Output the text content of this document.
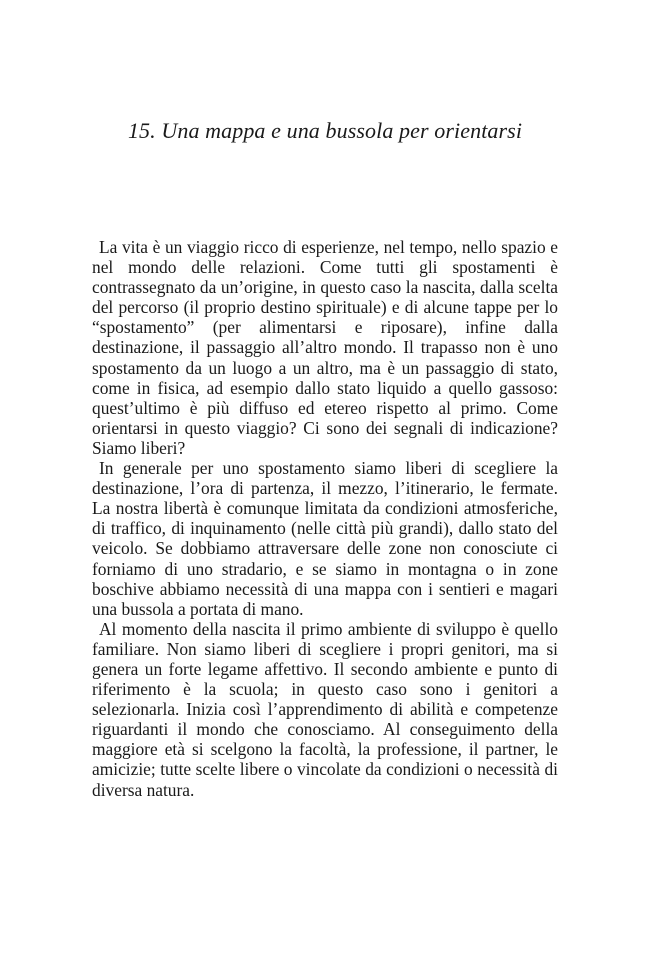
15. Una mappa e una bussola per orientarsi

La vita è un viaggio ricco di esperienze, nel tempo, nello spazio e nel mondo delle relazioni. Come tutti gli spostamenti è contrassegnato da un’origine, in questo caso la nascita, dalla scelta del percorso (il proprio destino spirituale) e di alcune tappe per lo “spostamento” (per alimentarsi e riposare), infine dalla destinazione, il passaggio all’altro mondo. Il trapasso non è uno spostamento da un luogo a un altro, ma è un passaggio di stato, come in fisica, ad esempio dallo stato liquido a quello gassoso: quest’ultimo è più diffuso ed etereo rispetto al primo. Come orientarsi in questo viaggio? Ci sono dei segnali di indicazione? Siamo liberi?

In generale per uno spostamento siamo liberi di scegliere la destinazione, l’ora di partenza, il mezzo, l’itinerario, le fermate. La nostra libertà è comunque limitata da condizioni atmosferiche, di traffico, di inquinamento (nelle città più grandi), dallo stato del veicolo. Se dobbiamo attraversare delle zone non conosciute ci forniamo di uno stradario, e se siamo in montagna o in zone boschive abbiamo necessità di una mappa con i sentieri e magari una bussola a portata di mano.

Al momento della nascita il primo ambiente di sviluppo è quello familiare. Non siamo liberi di scegliere i propri genitori, ma si genera un forte legame affettivo. Il secondo ambiente e punto di riferimento è la scuola; in questo caso sono i genitori a selezionarla. Inizia così l’apprendimento di abilità e competenze riguardanti il mondo che conosciamo. Al conseguimento della maggiore età si scelgono la facoltà, la professione, il partner, le amicizie; tutte scelte libere o vincolate da condizioni o necessità di diversa natura.
